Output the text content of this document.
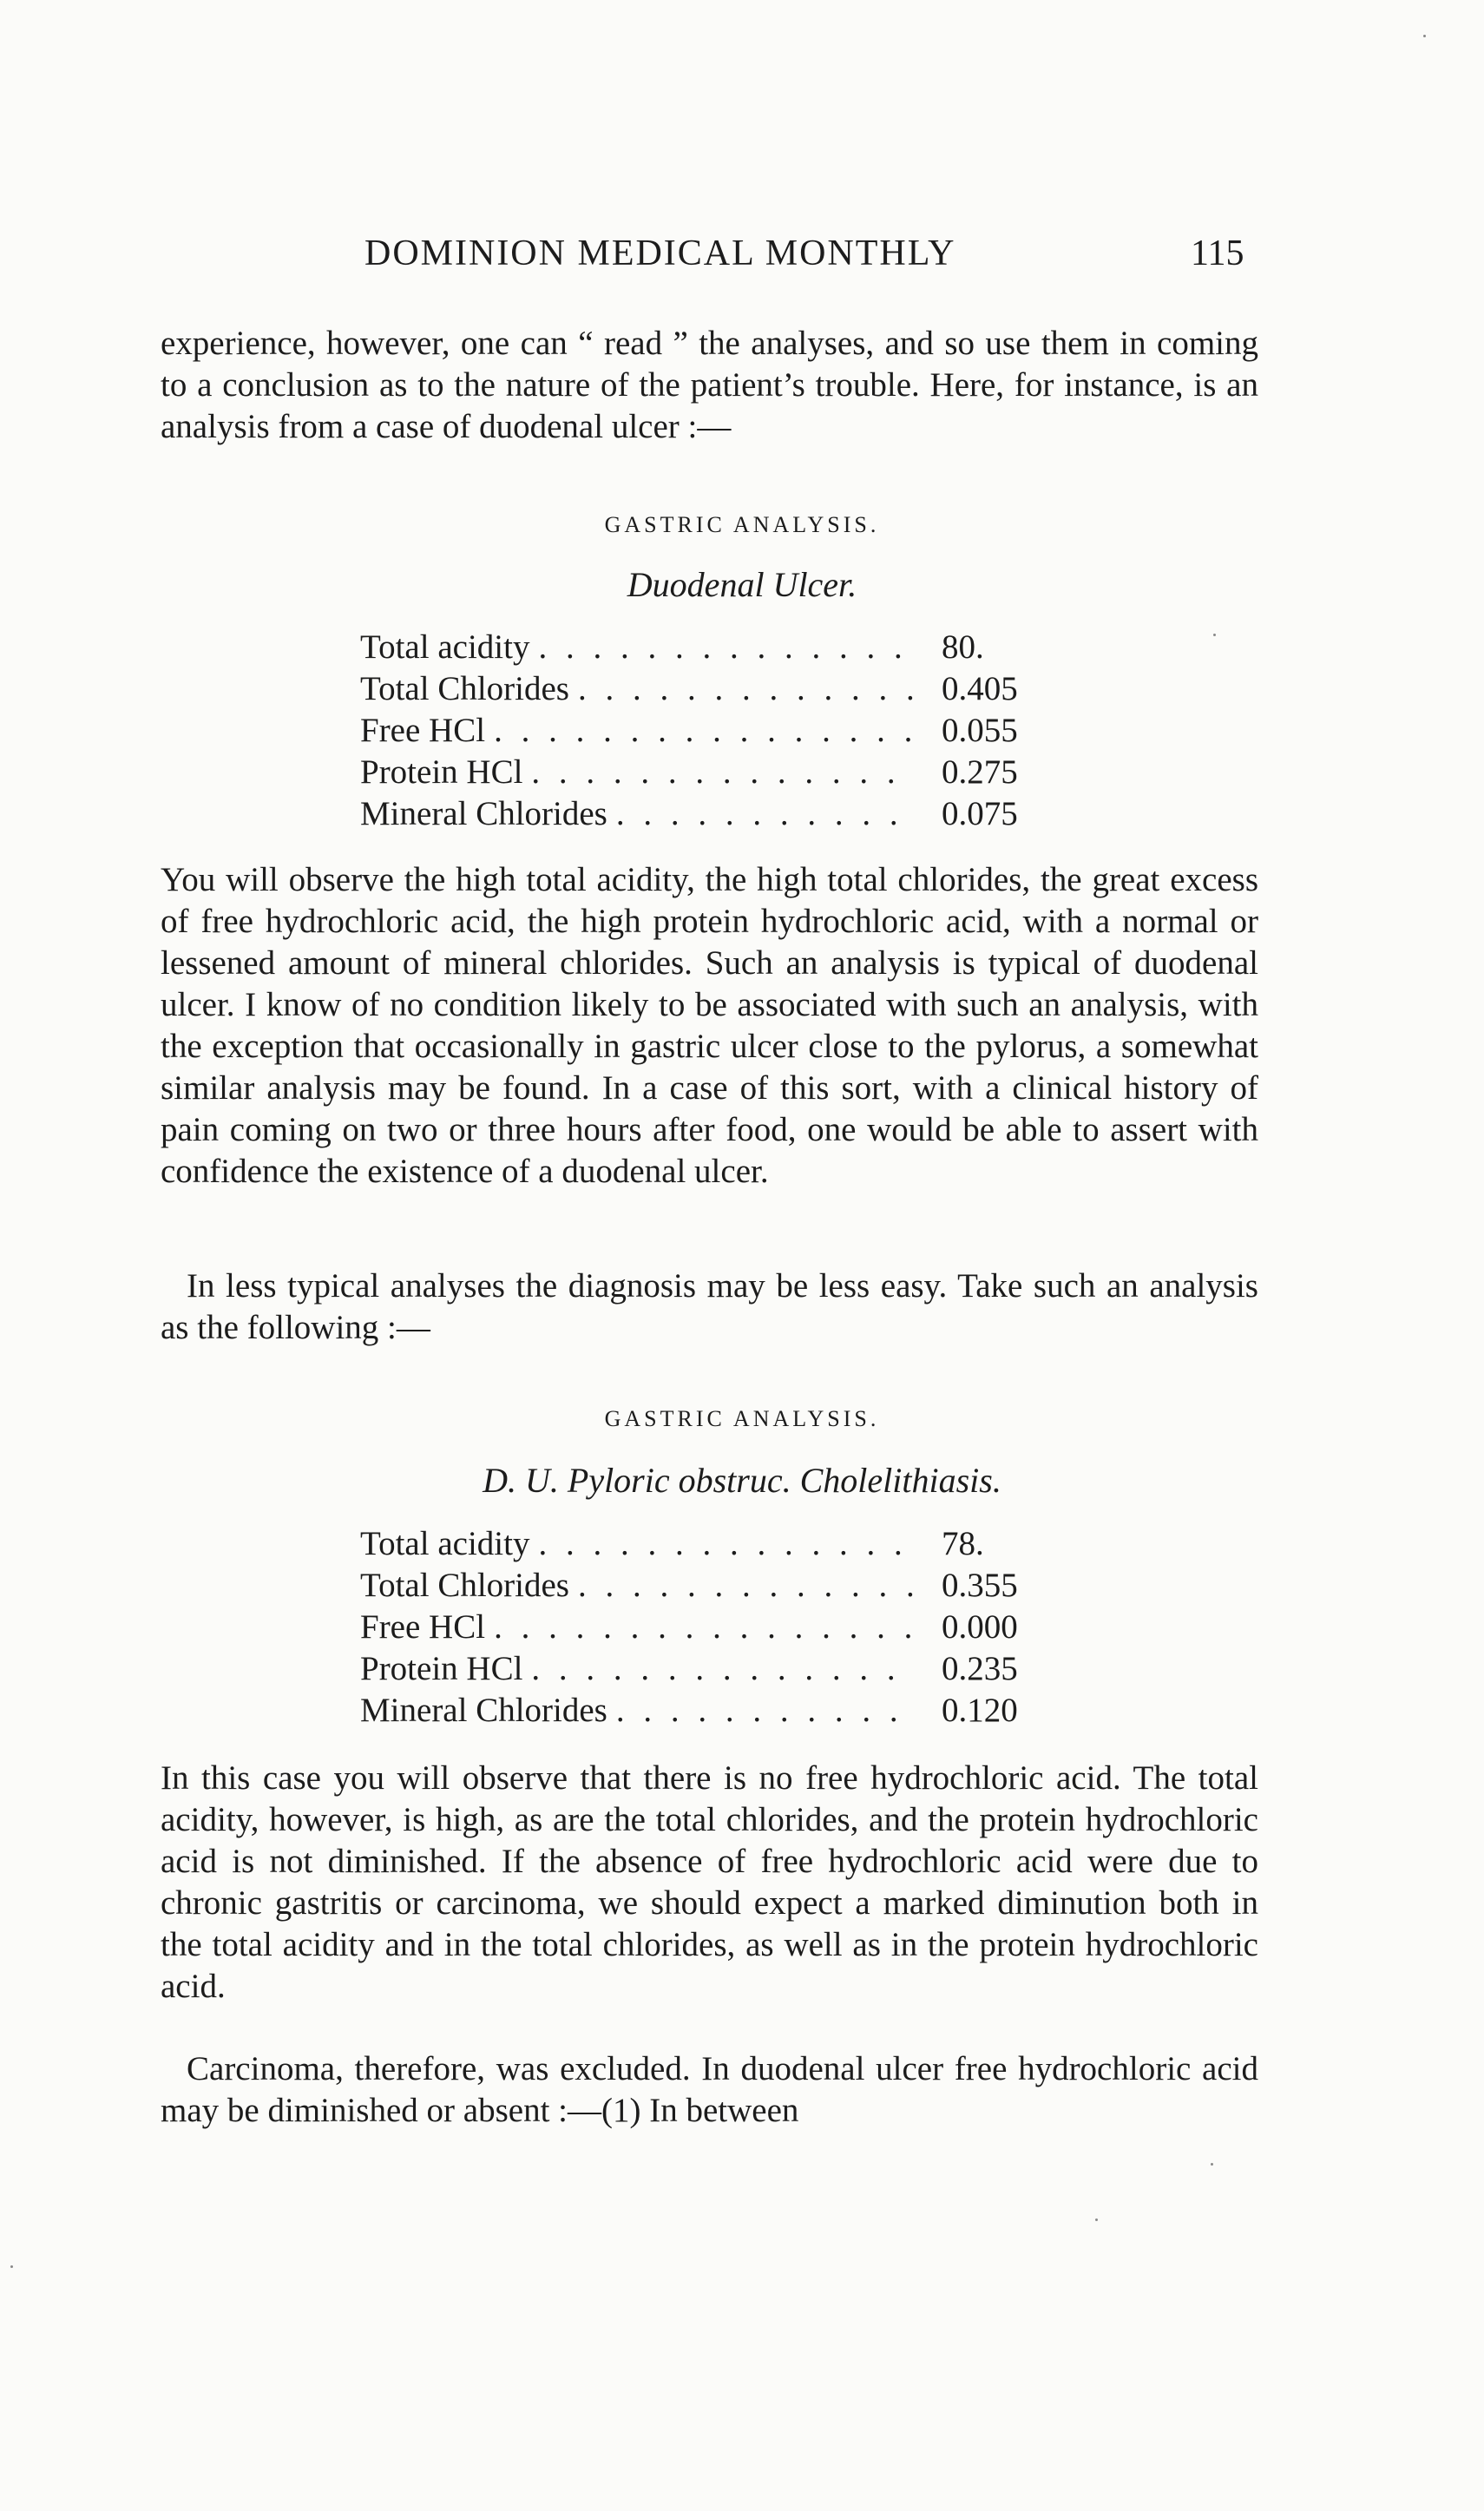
DOMINION MEDICAL MONTHLY	115

experience, however, one can “ read ” the analyses, and so use them in coming to a conclusion as to the nature of the patient’s trouble. Here, for instance, is an analysis from a case of duodenal ulcer :—

GASTRIC ANALYSIS.
Duodenal Ulcer.
Total acidity . . .	80.
Total Chlorides . . .	0.405
Free HCl . . .	0.055
Protein HCl . . .	0.275
Mineral Chlorides . . .	0.075

You will observe the high total acidity, the high total chlorides, the great excess of free hydrochloric acid, the high protein hydrochloric acid, with a normal or lessened amount of mineral chlorides. Such an analysis is typical of duodenal ulcer. I know of no condition likely to be associated with such an analysis, with the exception that occasionally in gastric ulcer close to the pylorus, a somewhat similar analysis may be found. In a case of this sort, with a clinical history of pain coming on two or three hours after food, one would be able to assert with confidence the existence of a duodenal ulcer.

In less typical analyses the diagnosis may be less easy. Take such an analysis as the following :—

GASTRIC ANALYSIS.
D. U. Pyloric obstruc. Cholelithiasis.
Total acidity . . .	78.
Total Chlorides . . .	0.355
Free HCl . . .	0.000
Protein HCl . . .	0.235
Mineral Chlorides . . .	0.120

In this case you will observe that there is no free hydrochloric acid. The total acidity, however, is high, as are the total chlorides, and the protein hydrochloric acid is not diminished. If the absence of free hydrochloric acid were due to chronic gastritis or carcinoma, we should expect a marked diminution both in the total acidity and in the total chlorides, as well as in the protein hydrochloric acid.

Carcinoma, therefore, was excluded. In duodenal ulcer free hydrochloric acid may be diminished or absent :—(1) In between
